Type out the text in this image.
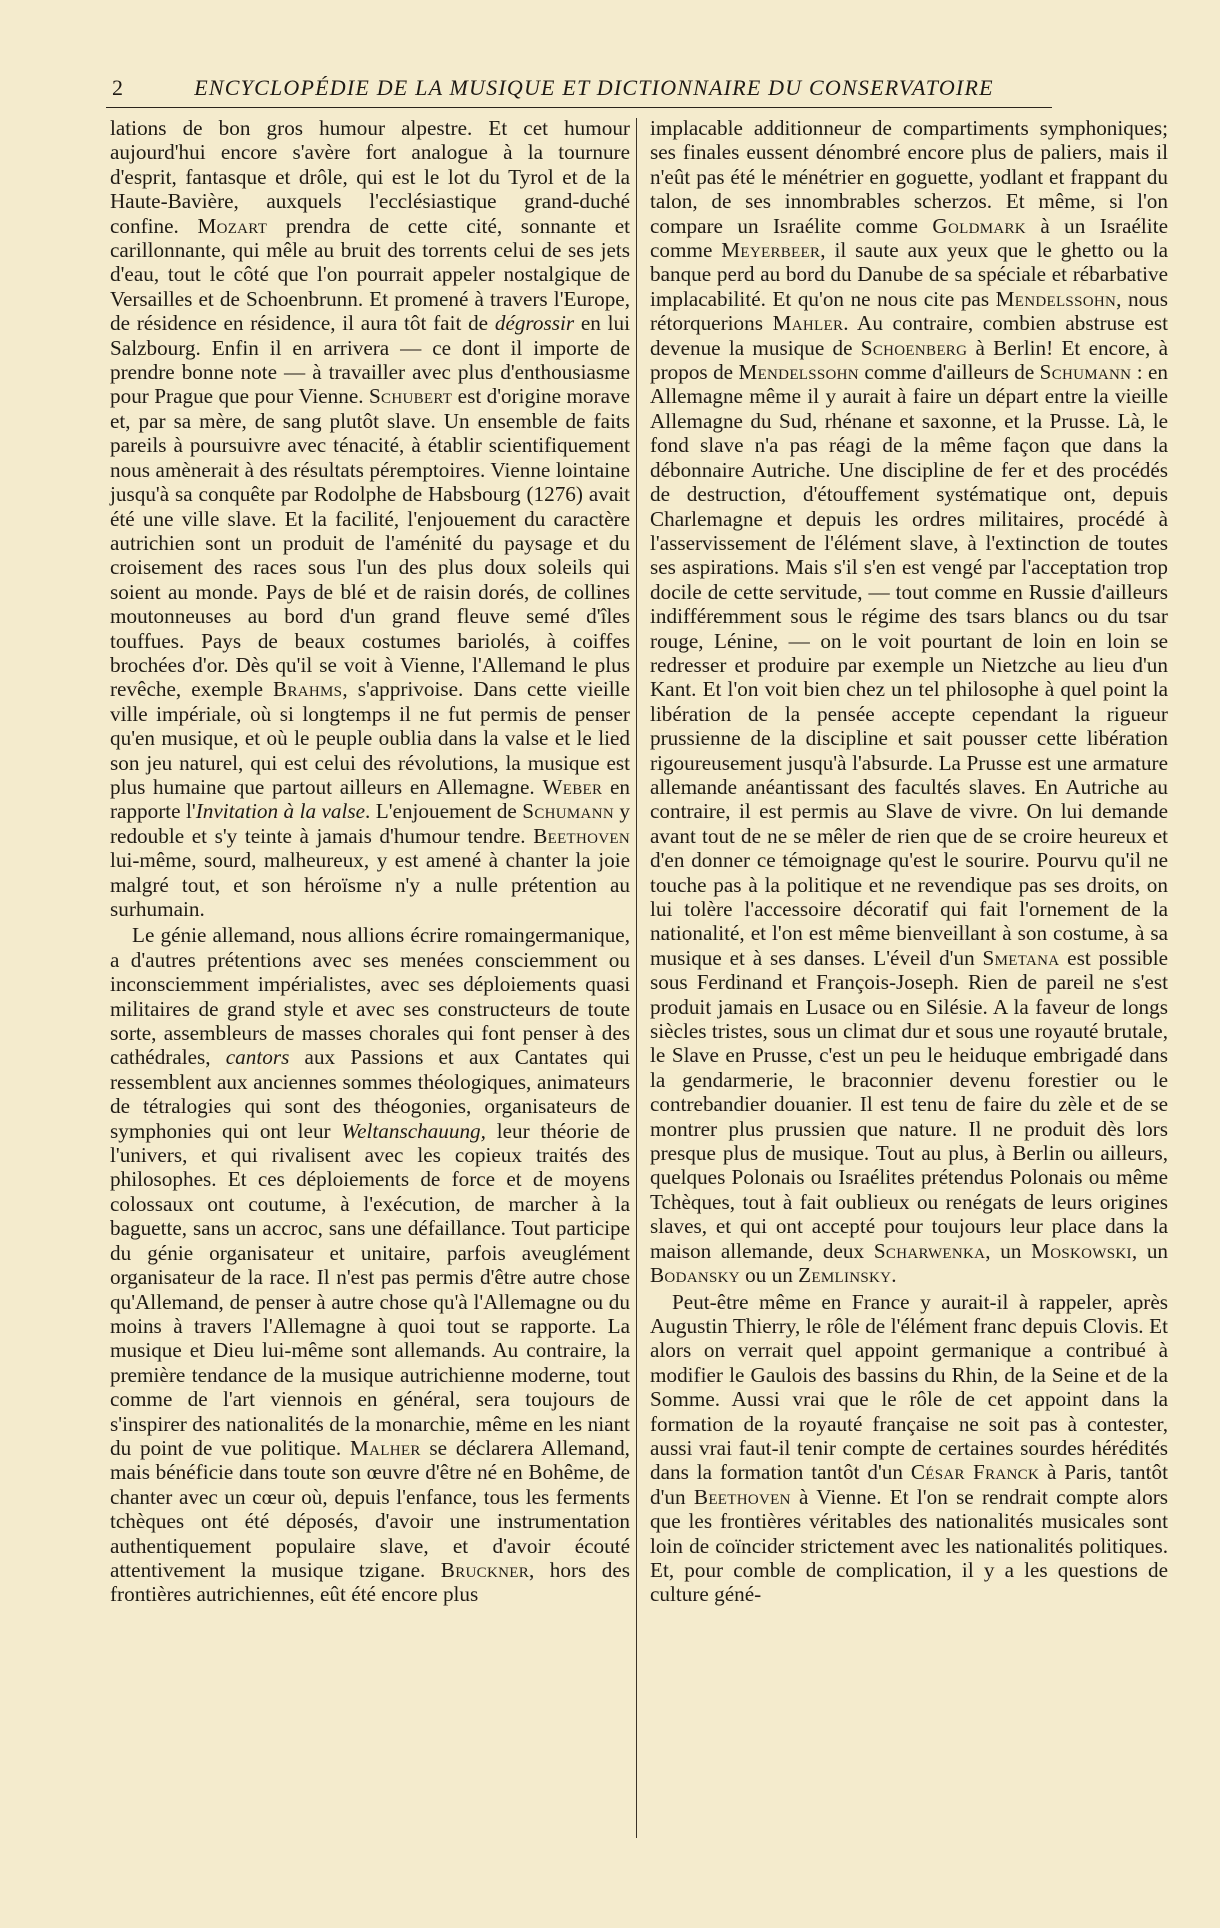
2	ENCYCLOPÉDIE DE LA MUSIQUE ET DICTIONNAIRE DU CONSERVATOIRE

lations de bon gros humour alpestre. Et cet humour aujourd'hui encore s'avère fort analogue à la tournure d'esprit, fantasque et drôle, qui est le lot du Tyrol et de la Haute-Bavière, auxquels l'ecclésiastique grand-duché confine. Mozart prendra de cette cité, sonnante et carillonnante, qui mêle au bruit des torrents celui de ses jets d'eau, tout le côté que l'on pourrait appeler nostalgique de Versailles et de Schoenbrunn. Et promené à travers l'Europe, de résidence en résidence, il aura tôt fait de dégrossir en lui Salzbourg. Enfin il en arrivera — ce dont il importe de prendre bonne note — à travailler avec plus d'enthousiasme pour Prague que pour Vienne. Schubert est d'origine morave et, par sa mère, de sang plutôt slave. Un ensemble de faits pareils à poursuivre avec ténacité, à établir scientifiquement nous amènerait à des résultats péremptoires. Vienne lointaine jusqu'à sa conquête par Rodolphe de Habsbourg (1276) avait été une ville slave. Et la facilité, l'enjouement du caractère autrichien sont un produit de l'aménité du paysage et du croisement des races sous l'un des plus doux soleils qui soient au monde. Pays de blé et de raisin dorés, de collines moutonneuses au bord d'un grand fleuve semé d'îles touffues. Pays de beaux costumes bariolés, à coiffes brochées d'or. Dès qu'il se voit à Vienne, l'Allemand le plus revêche, exemple Brahms, s'apprivoise. Dans cette vieille ville impériale, où si longtemps il ne fut permis de penser qu'en musique, et où le peuple oublia dans la valse et le lied son jeu naturel, qui est celui des révolutions, la musique est plus humaine que partout ailleurs en Allemagne. Weber en rapporte l'Invitation à la valse. L'enjouement de Schumann y redouble et s'y teinte à jamais d'humour tendre. Beethoven lui-même, sourd, malheureux, y est amené à chanter la joie malgré tout, et son héroïsme n'y a nulle prétention au surhumain.

Le génie allemand, nous allions écrire romaingermanique, a d'autres prétentions avec ses menées consciemment ou inconsciemment impérialistes, avec ses déploiements quasi militaires de grand style et avec ses constructeurs de toute sorte, assembleurs de masses chorales qui font penser à des cathédrales, cantors aux Passions et aux Cantates qui ressemblent aux anciennes sommes théologiques, animateurs de tétralogies qui sont des théogonies, organisateurs de symphonies qui ont leur Weltanschauung, leur théorie de l'univers, et qui rivalisent avec les copieux traités des philosophes. Et ces déploiements de force et de moyens colossaux ont coutume, à l'exécution, de marcher à la baguette, sans un accroc, sans une défaillance. Tout participe du génie organisateur et unitaire, parfois aveuglément organisateur de la race. Il n'est pas permis d'être autre chose qu'Allemand, de penser à autre chose qu'à l'Allemagne ou du moins à travers l'Allemagne à quoi tout se rapporte. La musique et Dieu lui-même sont allemands. Au contraire, la première tendance de la musique autrichienne moderne, tout comme de l'art viennois en général, sera toujours de s'inspirer des nationalités de la monarchie, même en les niant du point de vue politique. Malher se déclarera Allemand, mais bénéficie dans toute son œuvre d'être né en Bohême, de chanter avec un cœur où, depuis l'enfance, tous les ferments tchèques ont été déposés, d'avoir une instrumentation authentiquement populaire slave, et d'avoir écouté attentivement la musique tzigane. Bruckner, hors des frontières autrichiennes, eût été encore plus

implacable additionneur de compartiments symphoniques; ses finales eussent dénombré encore plus de paliers, mais il n'eût pas été le ménétrier en goguette, yodlant et frappant du talon, de ses innombrables scherzos. Et même, si l'on compare un Israélite comme Goldmark à un Israélite comme Meyerbeer, il saute aux yeux que le ghetto ou la banque perd au bord du Danube de sa spéciale et rébarbative implacabilité. Et qu'on ne nous cite pas Mendelssohn, nous rétorquerions Mahler. Au contraire, combien abstruse est devenue la musique de Schoenberg à Berlin! Et encore, à propos de Mendelssohn comme d'ailleurs de Schumann : en Allemagne même il y aurait à faire un départ entre la vieille Allemagne du Sud, rhénane et saxonne, et la Prusse. Là, le fond slave n'a pas réagi de la même façon que dans la débonnaire Autriche. Une discipline de fer et des procédés de destruction, d'étouffement systématique ont, depuis Charlemagne et depuis les ordres militaires, procédé à l'asservissement de l'élément slave, à l'extinction de toutes ses aspirations. Mais s'il s'en est vengé par l'acceptation trop docile de cette servitude, — tout comme en Russie d'ailleurs indifféremment sous le régime des tsars blancs ou du tsar rouge, Lénine, — on le voit pourtant de loin en loin se redresser et produire par exemple un Nietzche au lieu d'un Kant. Et l'on voit bien chez un tel philosophe à quel point la libération de la pensée accepte cependant la rigueur prussienne de la discipline et sait pousser cette libération rigoureusement jusqu'à l'absurde. La Prusse est une armature allemande anéantissant des facultés slaves. En Autriche au contraire, il est permis au Slave de vivre. On lui demande avant tout de ne se mêler de rien que de se croire heureux et d'en donner ce témoignage qu'est le sourire. Pourvu qu'il ne touche pas à la politique et ne revendique pas ses droits, on lui tolère l'accessoire décoratif qui fait l'ornement de la nationalité, et l'on est même bienveillant à son costume, à sa musique et à ses danses. L'éveil d'un Smetana est possible sous Ferdinand et François-Joseph. Rien de pareil ne s'est produit jamais en Lusace ou en Silésie. A la faveur de longs siècles tristes, sous un climat dur et sous une royauté brutale, le Slave en Prusse, c'est un peu le heiduque embrigadé dans la gendarmerie, le braconnier devenu forestier ou le contrebandier douanier. Il est tenu de faire du zèle et de se montrer plus prussien que nature. Il ne produit dès lors presque plus de musique. Tout au plus, à Berlin ou ailleurs, quelques Polonais ou Israélites prétendus Polonais ou même Tchèques, tout à fait oublieux ou renégats de leurs origines slaves, et qui ont accepté pour toujours leur place dans la maison allemande, deux Scharwenka, un Moskowski, un Bodansky ou un Zemlinsky.

Peut-être même en France y aurait-il à rappeler, après Augustin Thierry, le rôle de l'élément franc depuis Clovis. Et alors on verrait quel appoint germanique a contribué à modifier le Gaulois des bassins du Rhin, de la Seine et de la Somme. Aussi vrai que le rôle de cet appoint dans la formation de la royauté française ne soit pas à contester, aussi vrai faut-il tenir compte de certaines sourdes hérédités dans la formation tantôt d'un César Franck à Paris, tantôt d'un Beethoven à Vienne. Et l'on se rendrait compte alors que les frontières véritables des nationalités musicales sont loin de coïncider strictement avec les nationalités politiques. Et, pour comble de complication, il y a les questions de culture géné-
